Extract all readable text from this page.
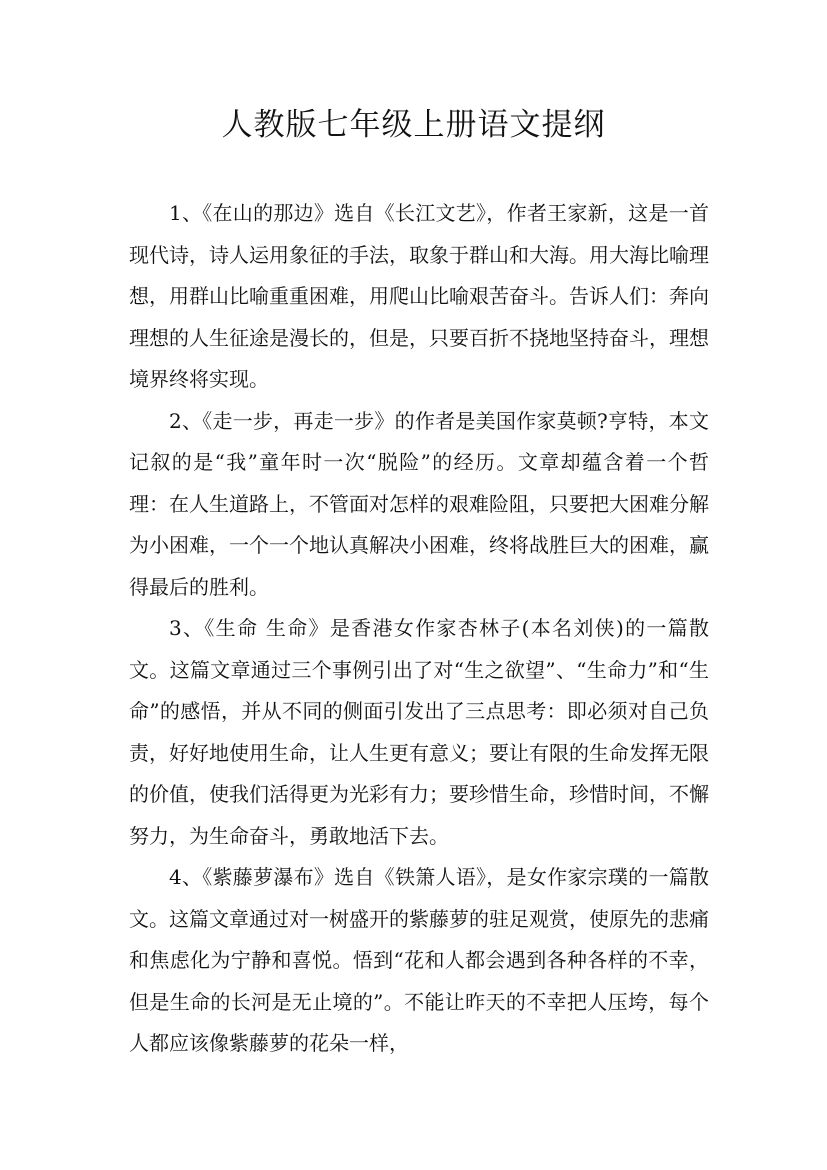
人教版七年级上册语文提纲

1、《在山的那边》选自《长江文艺》，作者王家新，这是一首现代诗，诗人运用象征的手法，取象于群山和大海。用大海比喻理想，用群山比喻重重困难，用爬山比喻艰苦奋斗。告诉人们：奔向理想的人生征途是漫长的，但是，只要百折不挠地坚持奋斗，理想境界终将实现。

2、《走一步，再走一步》的作者是美国作家莫顿?亨特，本文记叙的是“我”童年时一次“脱险”的经历。文章却蕴含着一个哲理：在人生道路上，不管面对怎样的艰难险阻，只要把大困难分解为小困难，一个一个地认真解决小困难，终将战胜巨大的困难，赢得最后的胜利。

3、《生命 生命》是香港女作家杏林子(本名刘侠)的一篇散文。这篇文章通过三个事例引出了对“生之欲望”、“生命力”和“生命”的感悟，并从不同的侧面引发出了三点思考：即必须对自己负责，好好地使用生命，让人生更有意义；要让有限的生命发挥无限的价值，使我们活得更为光彩有力；要珍惜生命，珍惜时间，不懈努力，为生命奋斗，勇敢地活下去。

4、《紫藤萝瀑布》选自《铁箫人语》，是女作家宗璞的一篇散文。这篇文章通过对一树盛开的紫藤萝的驻足观赏，使原先的悲痛和焦虑化为宁静和喜悦。悟到“花和人都会遇到各种各样的不幸，但是生命的长河是无止境的”。不能让昨天的不幸把人压垮，每个人都应该像紫藤萝的花朵一样，
